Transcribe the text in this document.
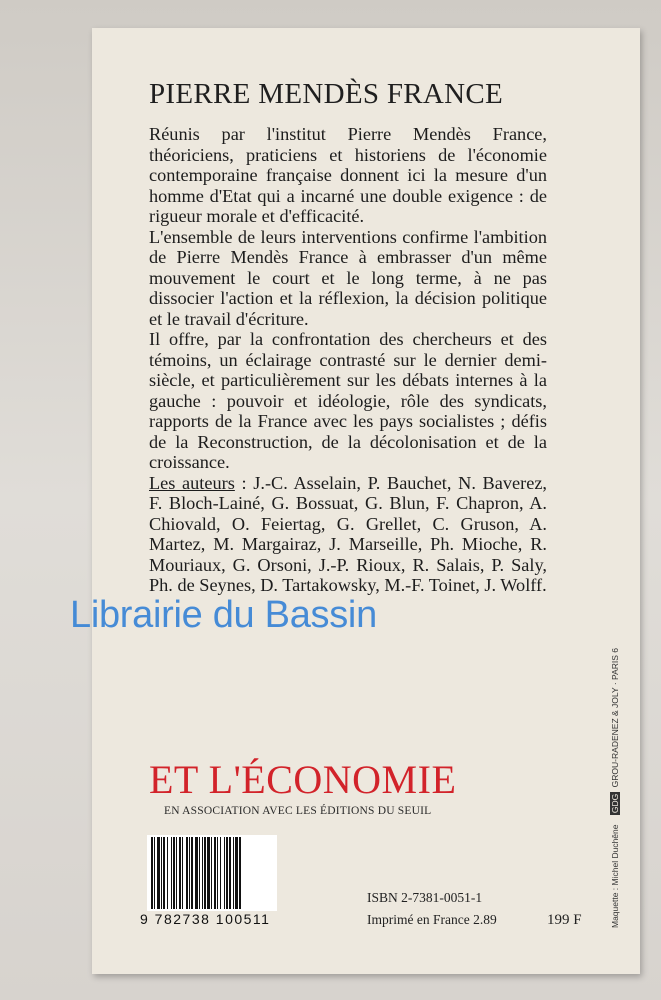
PIERRE MENDÈS FRANCE

Réunis par l'institut Pierre Mendès France, théoriciens, praticiens et historiens de l'économie contemporaine française donnent ici la mesure d'un homme d'Etat qui a incarné une double exigence : de rigueur morale et d'efficacité.

L'ensemble de leurs interventions confirme l'ambition de Pierre Mendès France à embrasser d'un même mouvement le court et le long terme, à ne pas dissocier l'action et la réflexion, la décision politique et le travail d'écriture.

Il offre, par la confrontation des chercheurs et des témoins, un éclairage contrasté sur le dernier demi-siècle, et particulièrement sur les débats internes à la gauche : pouvoir et idéologie, rôle des syndicats, rapports de la France avec les pays socialistes ; défis de la Reconstruction, de la décolonisation et de la croissance.

Les auteurs : J.-C. Asselain, P. Bauchet, N. Baverez, F. Bloch-Lainé, G. Bossuat, G. Blun, F. Chapron, A. Chiovald, O. Feiertag, G. Grellet, C. Gruson, A. Martez, M. Margairaz, J. Marseille, Ph. Mioche, R. Mouriaux, G. Orsoni, J.-P. Rioux, R. Salais, P. Saly, Ph. de Seynes, D. Tartakowsky, M.-F. Toinet, J. Wolff.

ET L'ÉCONOMIE
EN ASSOCIATION AVEC LES ÉDITIONS DU SEUIL
9 782738 100511
ISBN 2-7381-0051-1
Imprimé en France 2.89	199 F	Maquette : Michel Duchêne    GDG GROU-RADENEZ & JOLY · PARIS 6
Librairie du Bassin
